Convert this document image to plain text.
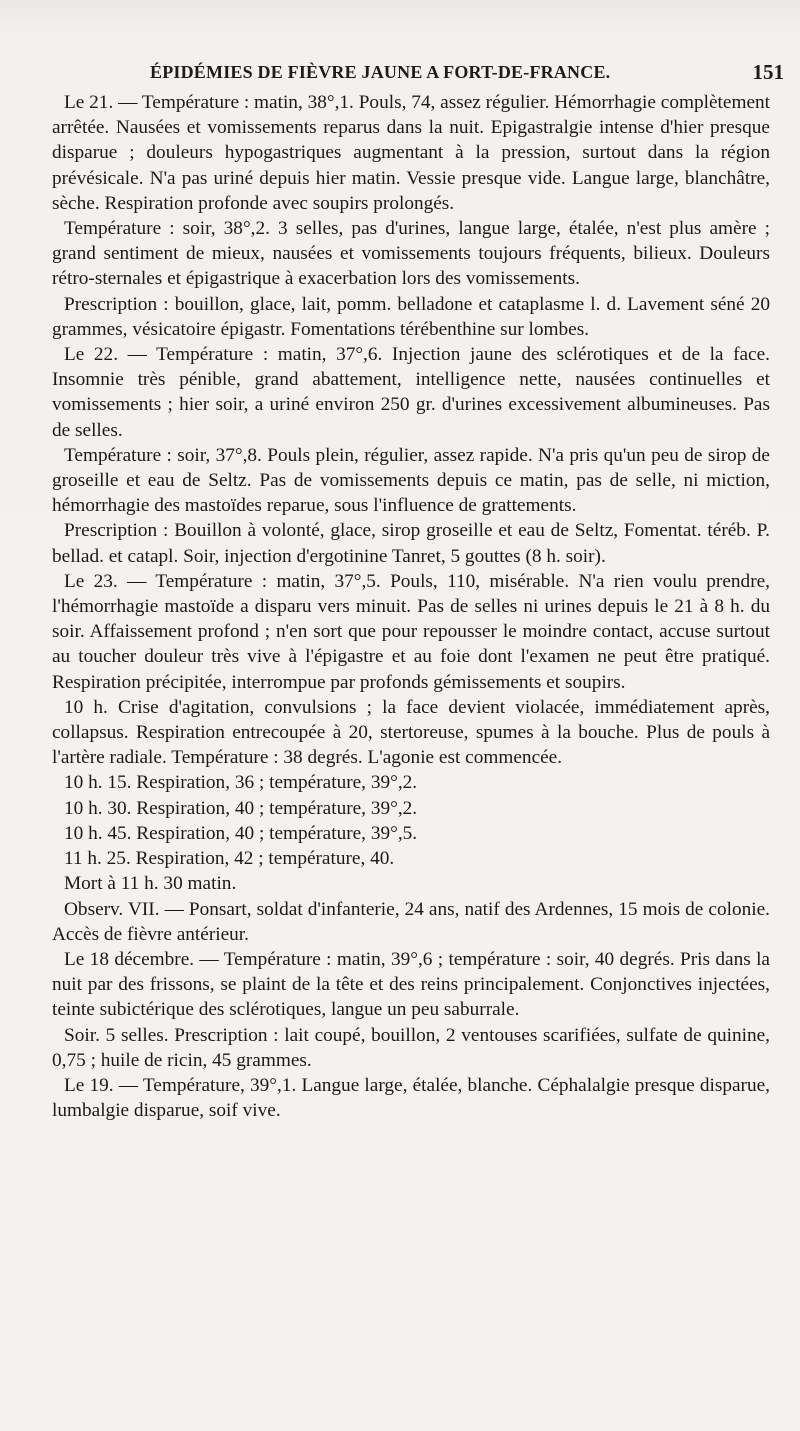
ÉPIDÉMIES DE FIÈVRE JAUNE A FORT-DE-FRANCE.	151

Le 21. — Température : matin, 38°,1. Pouls, 74, assez régulier. Hémorrhagie complètement arrêtée. Nausées et vomissements reparus dans la nuit. Epigastralgie intense d'hier presque disparue ; douleurs hypogastriques augmentant à la pression, surtout dans la région prévésicale. N'a pas uriné depuis hier matin. Vessie presque vide. Langue large, blanchâtre, sèche. Respiration profonde avec soupirs prolongés.

Température : soir, 38°,2. 3 selles, pas d'urines, langue large, étalée, n'est plus amère ; grand sentiment de mieux, nausées et vomissements toujours fréquents, bilieux. Douleurs rétro-sternales et épigastrique à exacerbation lors des vomissements.

Prescription : bouillon, glace, lait, pomm. belladone et cataplasme l. d. Lavement séné 20 grammes, vésicatoire épigastr. Fomentations térébenthine sur lombes.

Le 22. — Température : matin, 37°,6. Injection jaune des sclérotiques et de la face. Insomnie très pénible, grand abattement, intelligence nette, nausées continuelles et vomissements ; hier soir, a uriné environ 250 gr. d'urines excessivement albumineuses. Pas de selles.

Température : soir, 37°,8. Pouls plein, régulier, assez rapide. N'a pris qu'un peu de sirop de groseille et eau de Seltz. Pas de vomissements depuis ce matin, pas de selle, ni miction, hémorrhagie des mastoïdes reparue, sous l'influence de grattements.

Prescription : Bouillon à volonté, glace, sirop groseille et eau de Seltz, Fomentat. téréb. P. bellad. et catapl. Soir, injection d'ergotinine Tanret, 5 gouttes (8 h. soir).

Le 23. — Température : matin, 37°,5. Pouls, 110, misérable. N'a rien voulu prendre, l'hémorrhagie mastoïde a disparu vers minuit. Pas de selles ni urines depuis le 21 à 8 h. du soir. Affaissement profond ; n'en sort que pour repousser le moindre contact, accuse surtout au toucher douleur très vive à l'épigastre et au foie dont l'examen ne peut être pratiqué. Respiration précipitée, interrompue par profonds gémissements et soupirs.

10 h. Crise d'agitation, convulsions ; la face devient violacée, immédiatement après, collapsus. Respiration entrecoupée à 20, stertoreuse, spumes à la bouche. Plus de pouls à l'artère radiale. Température : 38 degrés. L'agonie est commencée.

10 h. 15. Respiration, 36 ; température, 39°,2.

10 h. 30. Respiration, 40 ; température, 39°,2.

10 h. 45. Respiration, 40 ; température, 39°,5.

11 h. 25. Respiration, 42 ; température, 40.

Mort à 11 h. 30 matin.

Observ. VII. — Ponsart, soldat d'infanterie, 24 ans, natif des Ardennes, 15 mois de colonie. Accès de fièvre antérieur.

Le 18 décembre. — Température : matin, 39°,6 ; température : soir, 40 degrés. Pris dans la nuit par des frissons, se plaint de la tête et des reins principalement. Conjonctives injectées, teinte subictérique des sclérotiques, langue un peu saburrale.

Soir. 5 selles. Prescription : lait coupé, bouillon, 2 ventouses scarifiées, sulfate de quinine, 0,75 ; huile de ricin, 45 grammes.

Le 19. — Température, 39°,1. Langue large, étalée, blanche. Céphalalgie presque disparue, lumbalgie disparue, soif vive.
